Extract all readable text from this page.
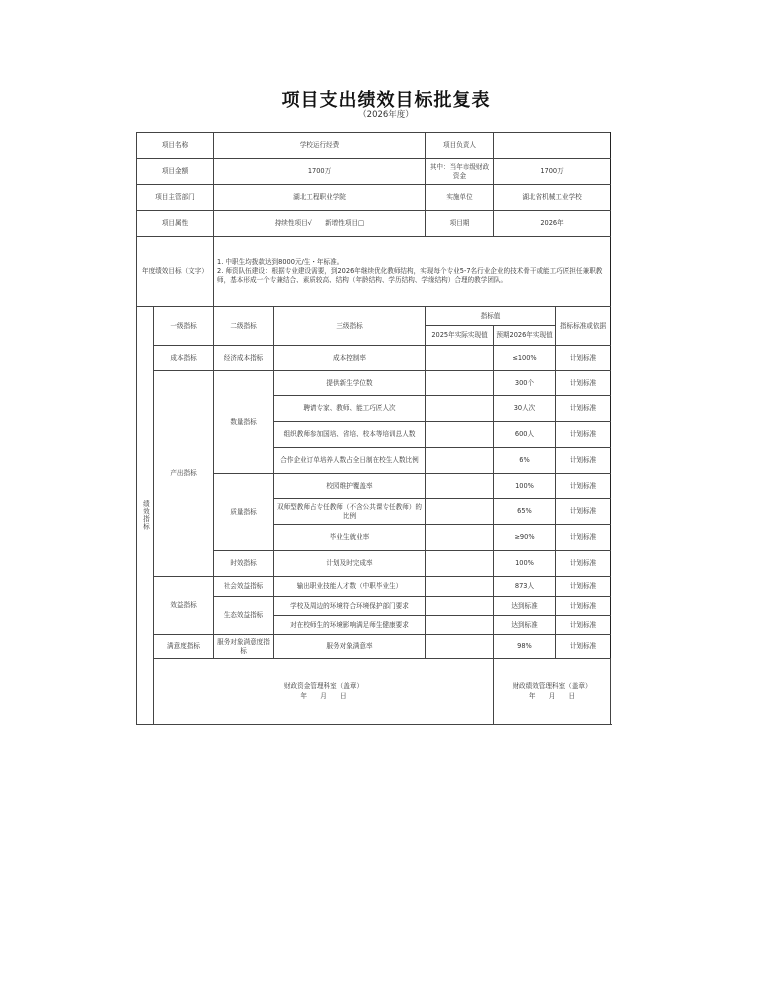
项目支出绩效目标批复表
（2026年度）
项目名称		学校运行经费		项目负责人		
项目金额		1700万		其中：当年市级财政资金	1700万	
项目主管部门		湖北工程职业学院		实施单位	湖北省机械工业学校	
项目属性		持续性项目√　　新增性项目□		项目期	2026年	
年度绩效目标（文字）		1. 中职生均拨款达到8000元/生・年标准。
2. 师资队伍建设：根据专业建设需要，到2026年继续优化教师结构，实现每个专业5-7名行业企业的技术骨干或能工巧匠担任兼职教师，基本形成一个专兼结合、素质较高、结构（年龄结构、学历结构、学缘结构）合理的教学团队。				

绩效指标	一级指标	二级指标	三级指标	指标值		指标标准或依据
				2025年实际实现值	预期2026年实现值	
	成本指标	经济成本指标	成本控制率		≤100%	计划标准
	产出指标	数量指标	提供新生学位数		300个	计划标准
			聘请专家、教师、能工巧匠人次		30人次	计划标准
			组织教师参加国培、省培、校本等培训总人数		600人	计划标准
			合作企业订单培养人数占全日制在校生人数比例		6%	计划标准
		质量指标	校园维护覆盖率		100%	计划标准
			双师型教师占专任教师（不含公共课专任教师）的比例		65%	计划标准
			毕业生就业率		≥90%	计划标准
		时效指标	计划及时完成率		100%	计划标准
	效益指标	社会效益指标	输出职业技能人才数（中职毕业生）		873人	计划标准
		生态效益指标	学校及周边的环境符合环境保护部门要求		达到标准	计划标准
			对在校师生的环境影响满足师生健康要求		达到标准	计划标准
	满意度指标	服务对象满意度指标	服务对象满意率		98%	计划标准

财政资金管理科室（盖章）
年　　月　　日

财政绩效管理科室（盖章）
年　　月　　日
